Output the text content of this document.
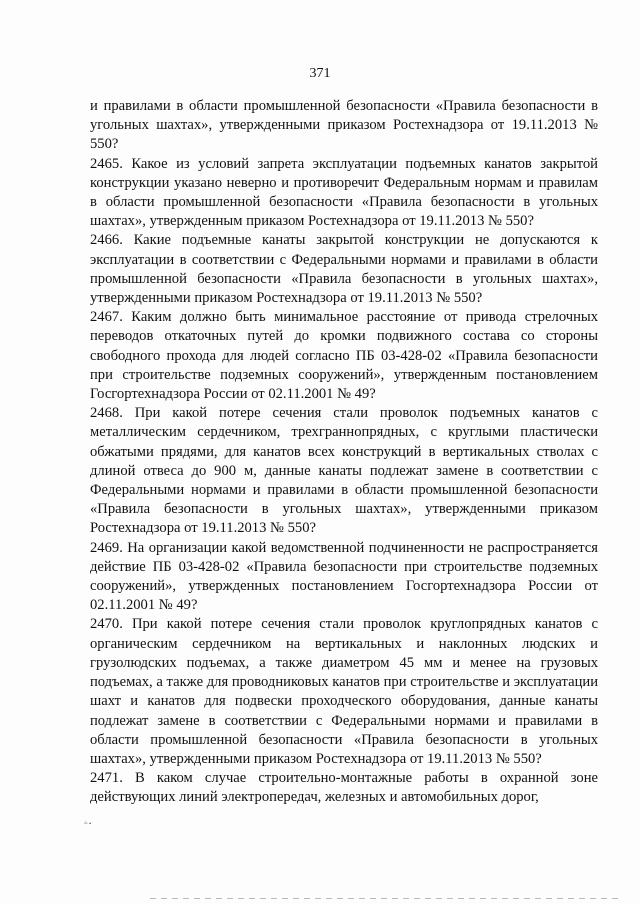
371

и правилами в области промышленной безопасности «Правила безопасности в угольных шахтах», утвержденными приказом Ростехнадзора от 19.11.2013 № 550?

2465. Какое из условий запрета эксплуатации подъемных канатов закрытой конструкции указано неверно и противоречит Федеральным нормам и правилам в области промышленной безопасности «Правила безопасности в угольных шахтах», утвержденным приказом Ростехнадзора от 19.11.2013 № 550?

2466. Какие подъемные канаты закрытой конструкции не допускаются к эксплуатации в соответствии с Федеральными нормами и правилами в области промышленной безопасности «Правила безопасности в угольных шахтах», утвержденными приказом Ростехнадзора от 19.11.2013 № 550?

2467. Каким должно быть минимальное расстояние от привода стрелочных переводов откаточных путей до кромки подвижного состава со стороны свободного прохода для людей согласно ПБ 03-428-02 «Правила безопасности при строительстве подземных сооружений», утвержденным постановлением Госгортехнадзора России от 02.11.2001 № 49?

2468. При какой потере сечения стали проволок подъемных канатов с металлическим сердечником, трехграннопрядных, с круглыми пластически обжатыми прядями, для канатов всех конструкций в вертикальных стволах с длиной отвеса до 900 м, данные канаты подлежат замене в соответствии с Федеральными нормами и правилами в области промышленной безопасности «Правила безопасности в угольных шахтах», утвержденными приказом Ростехнадзора от 19.11.2013 № 550?

2469. На организации какой ведомственной подчиненности не распространяется действие ПБ 03-428-02 «Правила безопасности при строительстве подземных сооружений», утвержденных постановлением Госгортехнадзора России от 02.11.2001 № 49?

2470. При какой потере сечения стали проволок круглопрядных канатов с органическим сердечником на вертикальных и наклонных людских и грузолюдских подъемах, а также диаметром 45 мм и менее на грузовых подъемах, а также для проводниковых канатов при строительстве и эксплуатации шахт и канатов для подвески проходческого оборудования, данные канаты подлежат замене в соответствии с Федеральными нормами и правилами в области промышленной безопасности «Правила безопасности в угольных шахтах», утвержденными приказом Ростехнадзора от 19.11.2013 № 550?

2471. В каком случае строительно-монтажные работы в охранной зоне действующих линий электропередач, железных и автомобильных дорог,

ۦ.
